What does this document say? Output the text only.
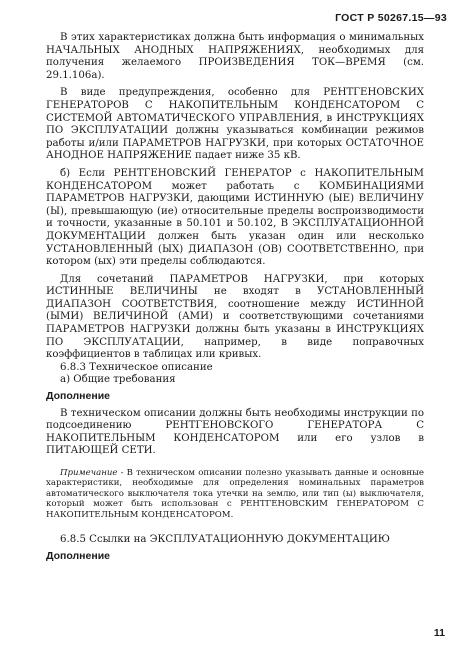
ГОСТ Р 50267.15—93

В этих характеристиках должна быть информация о минимальных НАЧАЛЬНЫХ АНОДНЫХ НАПРЯЖЕНИЯХ, необходимых для получения желаемого ПРОИЗВЕДЕНИЯ ТОК—ВРЕМЯ (см. 29.1.106а).

В виде предупреждения, особенно для РЕНТГЕНОВСКИХ ГЕНЕРАТОРОВ С НАКОПИТЕЛЬНЫМ КОНДЕНСАТОРОМ С СИСТЕМОЙ АВТОМАТИЧЕСКОГО УПРАВЛЕНИЯ, в ИНСТРУКЦИЯХ ПО ЭКСПЛУАТАЦИИ должны указываться комбинации режимов работы и/или ПАРАМЕТРОВ НАГРУЗКИ, при которых ОСТАТОЧНОЕ АНОДНОЕ НАПРЯЖЕНИЕ падает ниже 35 кВ.

б) Если РЕНТГЕНОВСКИЙ ГЕНЕРАТОР с НАКОПИТЕЛЬНЫМ КОНДЕНСАТОРОМ может работать с КОМБИНАЦИЯМИ ПАРАМЕТРОВ НАГРУЗКИ, дающими ИСТИННУЮ (ЫЕ) ВЕЛИЧИНУ (Ы), превышающую (ие) относительные пределы воспроизводимости и точности, указанные в 50.101 и 50.102, В ЭКСПЛУАТАЦИОННОЙ ДОКУМЕНТАЦИИ должен быть указан один или несколько УСТАНОВЛЕННЫЙ (ЫХ) ДИАПАЗОН (ОВ) СООТВЕТСТВЕННО, при котором (ых) эти пределы соблюдаются.

Для сочетаний ПАРАМЕТРОВ НАГРУЗКИ, при которых ИСТИННЫЕ ВЕЛИЧИНЫ не входят в УСТАНОВЛЕННЫЙ ДИАПАЗОН СООТВЕТСТВИЯ, соотношение между ИСТИННОЙ (ЫМИ) ВЕЛИЧИНОЙ (АМИ) и соответствующими сочетаниями ПАРАМЕТРОВ НАГРУЗКИ должны быть указаны в ИНСТРУКЦИЯХ ПО ЭКСПЛУАТАЦИИ, например, в виде поправочных коэффициентов в таблицах или кривых.

6.8.3 Техническое описание

а) Общие требования

Дополнение

В техническом описании должны быть необходимы инструкции по подсоединению РЕНТГЕНОВСКОГО ГЕНЕРАТОРА С НАКОПИТЕЛЬНЫМ КОНДЕНСАТОРОМ или его узлов в ПИТАЮЩЕЙ СЕТИ.

Примечание - В техническом описании полезно указывать данные и основные характеристики, необходимые для определения номинальных параметров автоматического выключателя тока утечки на землю, или тип (ы) выключателя, который может быть использован с РЕНТГЕНОВСКИМ ГЕНЕРАТОРОМ С НАКОПИТЕЛЬНЫМ КОНДЕНСАТОРОМ.

6.8.5 Ссылки на ЭКСПЛУАТАЦИОННУЮ ДОКУМЕНТАЦИЮ

Дополнение

11
